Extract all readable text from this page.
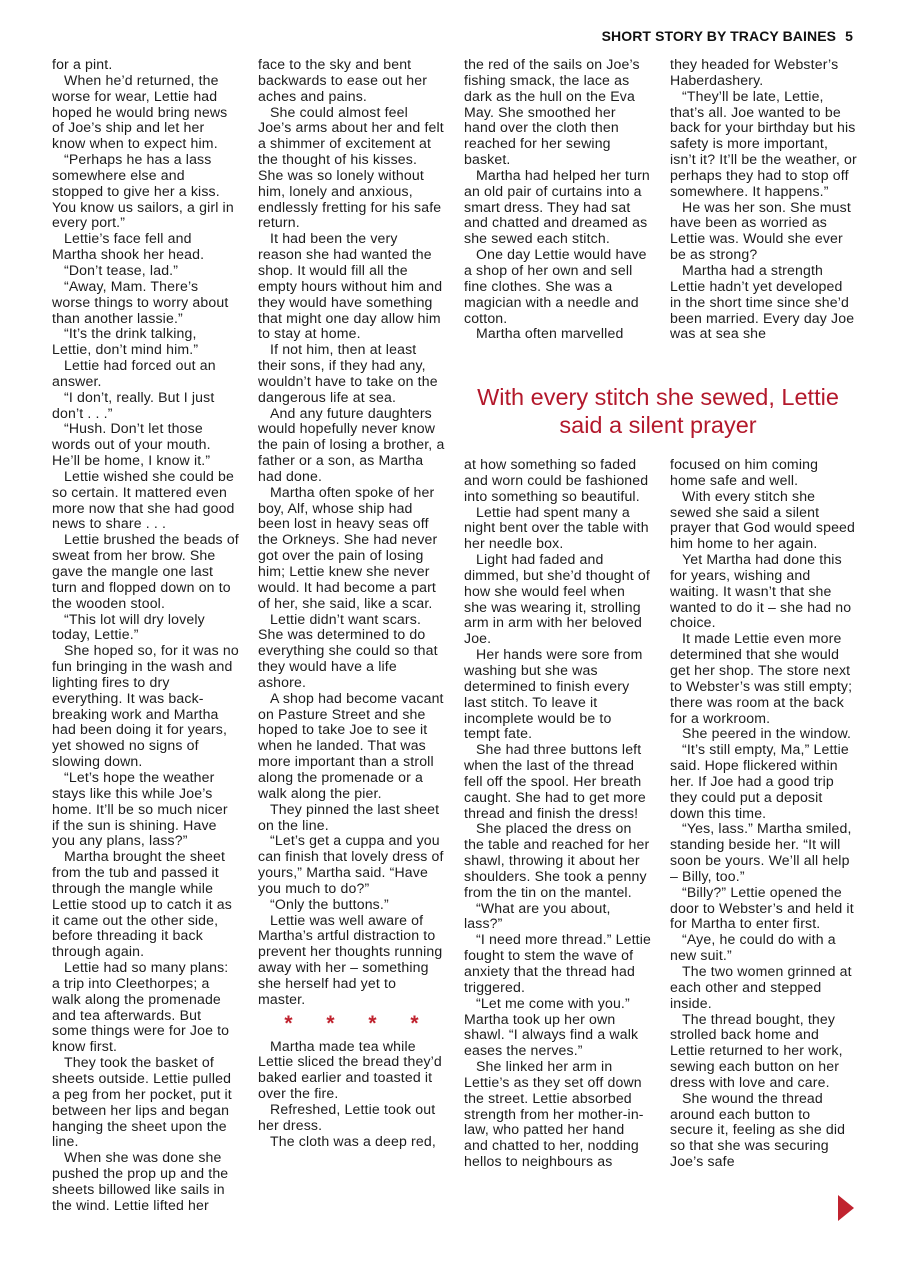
SHORT STORY BY TRACY BAINES 5

for a pint.

When he’d returned, the worse for wear, Lettie had hoped he would bring news of Joe’s ship and let her know when to expect him.

“Perhaps he has a lass somewhere else and stopped to give her a kiss. You know us sailors, a girl in every port.”

Lettie’s face fell and Martha shook her head.

“Don’t tease, lad.”

“Away, Mam. There’s worse things to worry about than another lassie.”

“It’s the drink talking, Lettie, don’t mind him.”

Lettie had forced out an answer.

“I don’t, really. But I just don’t . . .”

“Hush. Don’t let those words out of your mouth. He’ll be home, I know it.”

Lettie wished she could be so certain. It mattered even more now that she had good news to share . . .

Lettie brushed the beads of sweat from her brow. She gave the mangle one last turn and flopped down on to the wooden stool.

“This lot will dry lovely today, Lettie.”

She hoped so, for it was no fun bringing in the wash and lighting fires to dry everything. It was back-breaking work and Martha had been doing it for years, yet showed no signs of slowing down.

“Let’s hope the weather stays like this while Joe’s home. It’ll be so much nicer if the sun is shining. Have you any plans, lass?”

Martha brought the sheet from the tub and passed it through the mangle while Lettie stood up to catch it as it came out the other side, before threading it back through again.

Lettie had so many plans: a trip into Cleethorpes; a walk along the promenade and tea afterwards. But some things were for Joe to know first.

They took the basket of sheets outside. Lettie pulled a peg from her pocket, put it between her lips and began hanging the sheet upon the line.

When she was done she pushed the prop up and the sheets billowed like sails in the wind. Lettie lifted her

face to the sky and bent backwards to ease out her aches and pains.

She could almost feel Joe’s arms about her and felt a shimmer of excitement at the thought of his kisses. She was so lonely without him, lonely and anxious, endlessly fretting for his safe return.

It had been the very reason she had wanted the shop. It would fill all the empty hours without him and they would have something that might one day allow him to stay at home.

If not him, then at least their sons, if they had any, wouldn’t have to take on the dangerous life at sea.

And any future daughters would hopefully never know the pain of losing a brother, a father or a son, as Martha had done.

Martha often spoke of her boy, Alf, whose ship had been lost in heavy seas off the Orkneys. She had never got over the pain of losing him; Lettie knew she never would. It had become a part of her, she said, like a scar.

Lettie didn’t want scars. She was determined to do everything she could so that they would have a life ashore.

A shop had become vacant on Pasture Street and she hoped to take Joe to see it when he landed. That was more important than a stroll along the promenade or a walk along the pier.

They pinned the last sheet on the line.

“Let’s get a cuppa and you can finish that lovely dress of yours,” Martha said. “Have you much to do?”

“Only the buttons.”

Lettie was well aware of Martha’s artful distraction to prevent her thoughts running away with her – something she herself had yet to master.

* * * *

Martha made tea while Lettie sliced the bread they’d baked earlier and toasted it over the fire.

Refreshed, Lettie took out her dress.

The cloth was a deep red,

the red of the sails on Joe’s fishing smack, the lace as dark as the hull on the Eva May. She smoothed her hand over the cloth then reached for her sewing basket.

Martha had helped her turn an old pair of curtains into a smart dress. They had sat and chatted and dreamed as she sewed each stitch.

One day Lettie would have a shop of her own and sell fine clothes. She was a magician with a needle and cotton.

Martha often marvelled

they headed for Webster’s Haberdashery.

“They’ll be late, Lettie, that’s all. Joe wanted to be back for your birthday but his safety is more important, isn’t it? It’ll be the weather, or perhaps they had to stop off somewhere. It happens.”

He was her son. She must have been as worried as Lettie was. Would she ever be as strong?

Martha had a strength Lettie hadn’t yet developed in the short time since she’d been married. Every day Joe was at sea she

With every stitch she sewed, Lettie said a silent prayer

at how something so faded and worn could be fashioned into something so beautiful.

Lettie had spent many a night bent over the table with her needle box.

Light had faded and dimmed, but she’d thought of how she would feel when she was wearing it, strolling arm in arm with her beloved Joe.

Her hands were sore from washing but she was determined to finish every last stitch. To leave it incomplete would be to tempt fate.

She had three buttons left when the last of the thread fell off the spool. Her breath caught. She had to get more thread and finish the dress!

She placed the dress on the table and reached for her shawl, throwing it about her shoulders. She took a penny from the tin on the mantel.

“What are you about, lass?”

“I need more thread.” Lettie fought to stem the wave of anxiety that the thread had triggered.

“Let me come with you.” Martha took up her own shawl. “I always find a walk eases the nerves.”

She linked her arm in Lettie’s as they set off down the street. Lettie absorbed strength from her mother-in-law, who patted her hand and chatted to her, nodding hellos to neighbours as

focused on him coming home safe and well.

With every stitch she sewed she said a silent prayer that God would speed him home to her again.

Yet Martha had done this for years, wishing and waiting. It wasn’t that she wanted to do it – she had no choice.

It made Lettie even more determined that she would get her shop. The store next to Webster’s was still empty; there was room at the back for a workroom.

She peered in the window.

“It’s still empty, Ma,” Lettie said. Hope flickered within her. If Joe had a good trip they could put a deposit down this time.

“Yes, lass.” Martha smiled, standing beside her. “It will soon be yours. We’ll all help – Billy, too.”

“Billy?” Lettie opened the door to Webster’s and held it for Martha to enter first.

“Aye, he could do with a new suit.”

The two women grinned at each other and stepped inside.

The thread bought, they strolled back home and Lettie returned to her work, sewing each button on her dress with love and care.

She wound the thread around each button to secure it, feeling as she did so that she was securing Joe’s safe
